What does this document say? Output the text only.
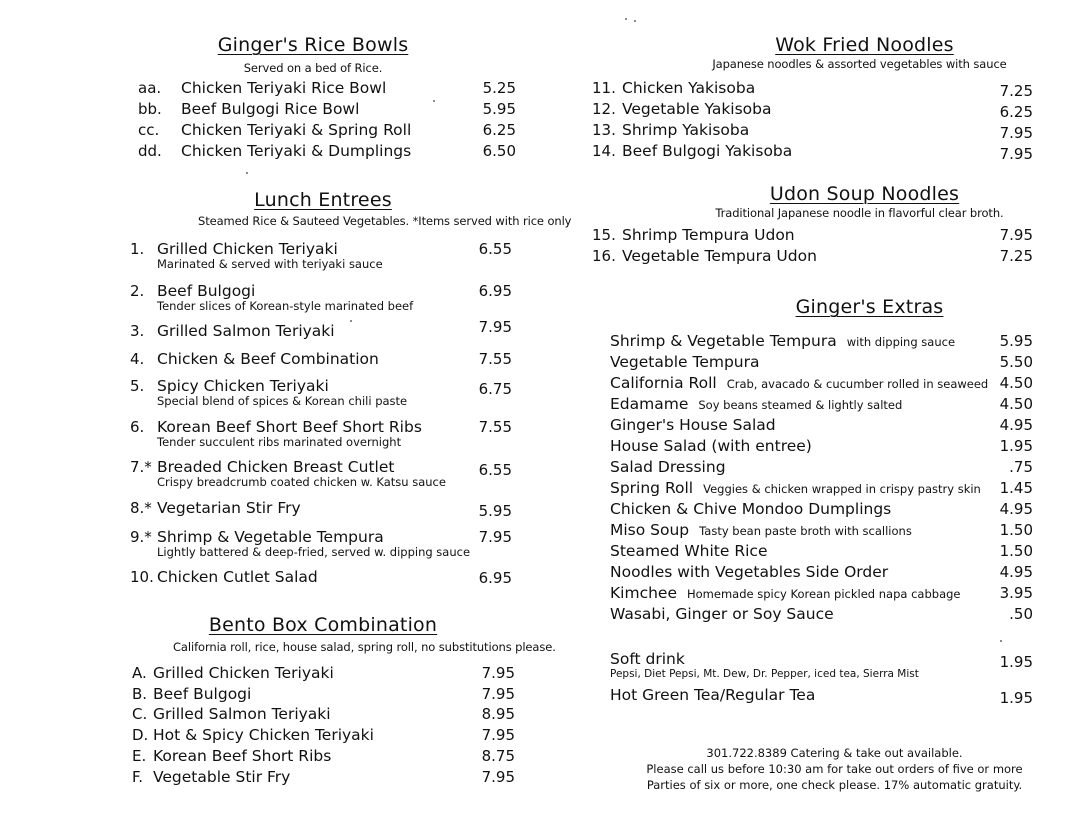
Ginger's Rice Bowls
Served on a bed of Rice.
aa. Chicken Teriyaki Rice Bowl	5.25
bb. Beef Bulgogi Rice Bowl	5.95
cc. Chicken Teriyaki & Spring Roll	6.25
dd. Chicken Teriyaki & Dumplings	6.50
Lunch Entrees
Steamed Rice & Sauteed Vegetables. *Items served with rice only
1. Grilled Chicken Teriyaki
Marinated & served with teriyaki sauce
6.55
2. Beef Bulgogi
Tender slices of Korean-style marinated beef
6.95
3. Grilled Salmon Teriyaki	7.95
4. Chicken & Beef Combination	7.55
5. Spicy Chicken Teriyaki
Special blend of spices & Korean chili paste
6.75
6. Korean Beef Short Beef Short Ribs
Tender succulent ribs marinated overnight
7.55
7.* Breaded Chicken Breast Cutlet
Crispy breadcrumb coated chicken w. Katsu sauce
6.55
8.* Vegetarian Stir Fry	5.95
9.* Shrimp & Vegetable Tempura
Lightly battered & deep-fried, served w. dipping sauce
7.95
10. Chicken Cutlet Salad	6.95
Bento Box Combination
California roll, rice, house salad, spring roll, no substitutions please.
A. Grilled Chicken Teriyaki	7.95
B. Beef Bulgogi	7.95
C. Grilled Salmon Teriyaki	8.95
D. Hot & Spicy Chicken Teriyaki	7.95
E. Korean Beef Short Ribs	8.75
F. Vegetable Stir Fry	7.95
Wok Fried Noodles
Japanese noodles & assorted vegetables with sauce
11. Chicken Yakisoba	7.25
12. Vegetable Yakisoba	6.25
13. Shrimp Yakisoba	7.95
14. Beef Bulgogi Yakisoba	7.95
Udon Soup Noodles
Traditional Japanese noodle in flavorful clear broth.
15. Shrimp Tempura Udon	7.95
16. Vegetable Tempura Udon	7.25
Ginger's Extras
Shrimp & Vegetable Tempura with dipping sauce	5.95
Vegetable Tempura	5.50
California Roll Crab, avacado & cucumber rolled in seaweed 4.50
Edamame Soy beans steamed & lightly salted	4.50
Ginger's House Salad	4.95
House Salad (with entree)	1.95
Salad Dressing	.75
Spring Roll Veggies & chicken wrapped in crispy pastry skin	1.45
Chicken & Chive Mondoo Dumplings	4.95
Miso Soup Tasty bean paste broth with scallions	1.50
Steamed White Rice	1.50
Noodles with Vegetables Side Order	4.95
Kimchee Homemade spicy Korean pickled napa cabbage	3.95
Wasabi, Ginger or Soy Sauce	.50
Soft drink
Pepsi, Diet Pepsi, Mt. Dew, Dr. Pepper, iced tea, Sierra Mist
1.95
Hot Green Tea/Regular Tea	1.95
301.722.8389 Catering & take out available.
Please call us before 10:30 am for take out orders of five or more
Parties of six or more, one check please. 17% automatic gratuity.
